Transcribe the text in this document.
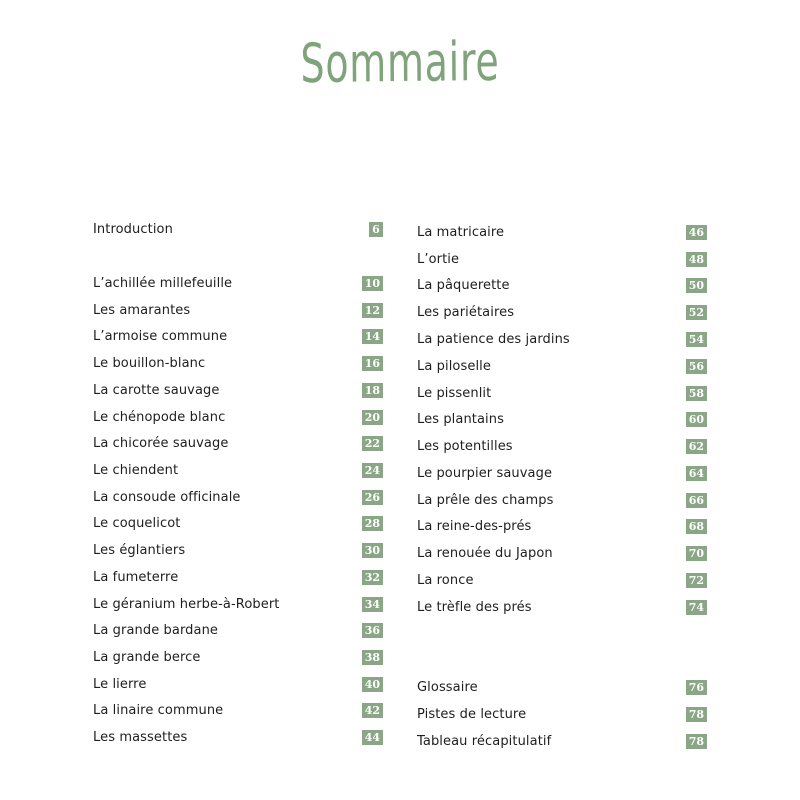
Sommaire
Introduction	6
L’achillée millefeuille	10
Les amarantes	12
L’armoise commune	14
Le bouillon-blanc	16
La carotte sauvage	18
Le chénopode blanc	20
La chicorée sauvage	22
Le chiendent	24
La consoude officinale	26
Le coquelicot	28
Les églantiers	30
La fumeterre	32
Le géranium herbe-à-Robert	34
La grande bardane	36
La grande berce	38
Le lierre	40
La linaire commune	42
Les massettes	44
La matricaire	46
L’ortie	48
La pâquerette	50
Les pariétaires	52
La patience des jardins	54
La piloselle	56
Le pissenlit	58
Les plantains	60
Les potentilles	62
Le pourpier sauvage	64
La prêle des champs	66
La reine-des-prés	68
La renouée du Japon	70
La ronce	72
Le trèfle des prés	74
Glossaire	76
Pistes de lecture	78
Tableau récapitulatif	78
